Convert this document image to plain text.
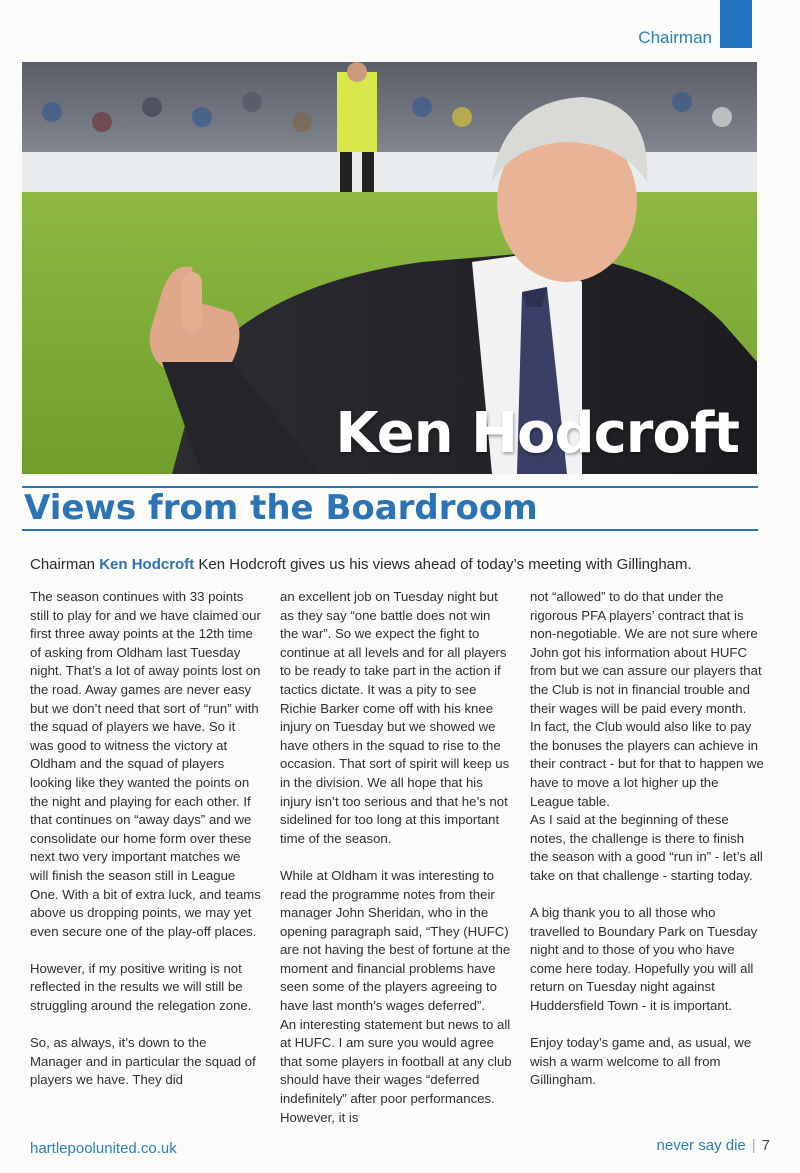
Chairman
Ken Hodcroft
Views from the Boardroom
Chairman Ken Hodcroft Ken Hodcroft gives us his views ahead of today’s meeting with Gillingham.

The season continues with 33 points still to play for and we have claimed our first three away points at the 12th time of asking from Oldham last Tuesday night. That’s a lot of away points lost on the road. Away games are never easy but we don’t need that sort of “run” with the squad of players we have. So it was good to witness the victory at Oldham and the squad of players looking like they wanted the points on the night and playing for each other. If that continues on “away days” and we consolidate our home form over these next two very important matches we will finish the season still in League One. With a bit of extra luck, and teams above us dropping points, we may yet even secure one of the play-off places.

However, if my positive writing is not reflected in the results we will still be struggling around the relegation zone.

So, as always, it’s down to the Manager and in particular the squad of players we have. They did

an excellent job on Tuesday night but as they say “one battle does not win the war”. So we expect the fight to continue at all levels and for all players to be ready to take part in the action if tactics dictate. It was a pity to see Richie Barker come off with his knee injury on Tuesday but we showed we have others in the squad to rise to the occasion. That sort of spirit will keep us in the division. We all hope that his injury isn’t too serious and that he’s not sidelined for too long at this important time of the season.

While at Oldham it was interesting to read the programme notes from their manager John Sheridan, who in the opening paragraph said, “They (HUFC) are not having the best of fortune at the moment and financial problems have seen some of the players agreeing to have last month’s wages deferred”.

An interesting statement but news to all at HUFC. I am sure you would agree that some players in football at any club should have their wages “deferred indefinitely” after poor performances. However, it is

not “allowed” to do that under the rigorous PFA players’ contract that is non-negotiable. We are not sure where John got his information about HUFC from but we can assure our players that the Club is not in financial trouble and their wages will be paid every month.

In fact, the Club would also like to pay the bonuses the players can achieve in their contract - but for that to happen we have to move a lot higher up the League table.

As I said at the beginning of these notes, the challenge is there to finish the season with a good “run in” - let’s all take on that challenge - starting today.

A big thank you to all those who travelled to Boundary Park on Tuesday night and to those of you who have come here today. Hopefully you will all return on Tuesday night against Huddersfield Town - it is important.

Enjoy today’s game and, as usual, we wish a warm welcome to all from Gillingham.

hartlepoolunited.co.uk	never say die | 7
